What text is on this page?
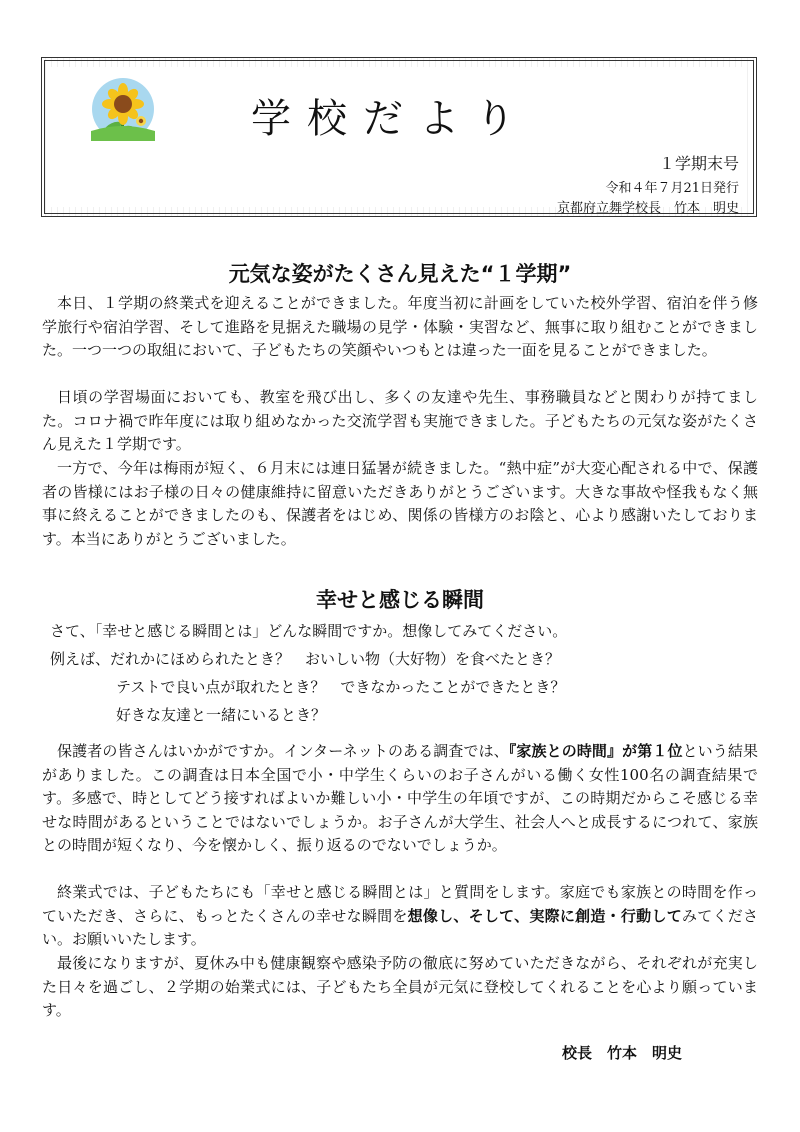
学校だより
１学期末号
令和４年７月21日発行
京都府立舞学校長　竹本　明史
元気な姿がたくさん見えた“１学期”

本日、１学期の終業式を迎えることができました。年度当初に計画をしていた校外学習、宿泊を伴う修学旅行や宿泊学習、そして進路を見据えた職場の見学・体験・実習など、無事に取り組むことができました。一つ一つの取組において、子どもたちの笑顔やいつもとは違った一面を見ることができました。

日頃の学習場面においても、教室を飛び出し、多くの友達や先生、事務職員などと関わりが持てました。コロナ禍で昨年度には取り組めなかった交流学習も実施できました。子どもたちの元気な姿がたくさん見えた１学期です。

一方で、今年は梅雨が短く、６月末には連日猛暑が続きました。“熱中症”が大変心配される中で、保護者の皆様にはお子様の日々の健康維持に留意いただきありがとうございます。大きな事故や怪我もなく無事に終えることができましたのも、保護者をはじめ、関係の皆様方のお陰と、心より感謝いたしております。本当にありがとうございました。

幸せと感じる瞬間
さて、「幸せと感じる瞬間とは」どんな瞬間ですか。想像してみてください。
例えば、だれかにほめられたとき？　おいしい物（大好物）を食べたとき？
テストで良い点が取れたとき？　できなかったことができたとき？
好きな友達と一緒にいるとき？

保護者の皆さんはいかがですか。インターネットのある調査では、『家族との時間』が第１位という結果がありました。この調査は日本全国で小・中学生くらいのお子さんがいる働く女性100名の調査結果です。多感で、時としてどう接すればよいか難しい小・中学生の年頃ですが、この時期だからこそ感じる幸せな時間があるということではないでしょうか。お子さんが大学生、社会人へと成長するにつれて、家族との時間が短くなり、今を懐かしく、振り返るのでないでしょうか。

終業式では、子どもたちにも「幸せと感じる瞬間とは」と質問をします。家庭でも家族との時間を作っていただき、さらに、もっとたくさんの幸せな瞬間を想像し、そして、実際に創造・行動してみてください。お願いいたします。

最後になりますが、夏休み中も健康観察や感染予防の徹底に努めていただきながら、それぞれが充実した日々を過ごし、２学期の始業式には、子どもたち全員が元気に登校してくれることを心より願っています。

校長　竹本　明史
